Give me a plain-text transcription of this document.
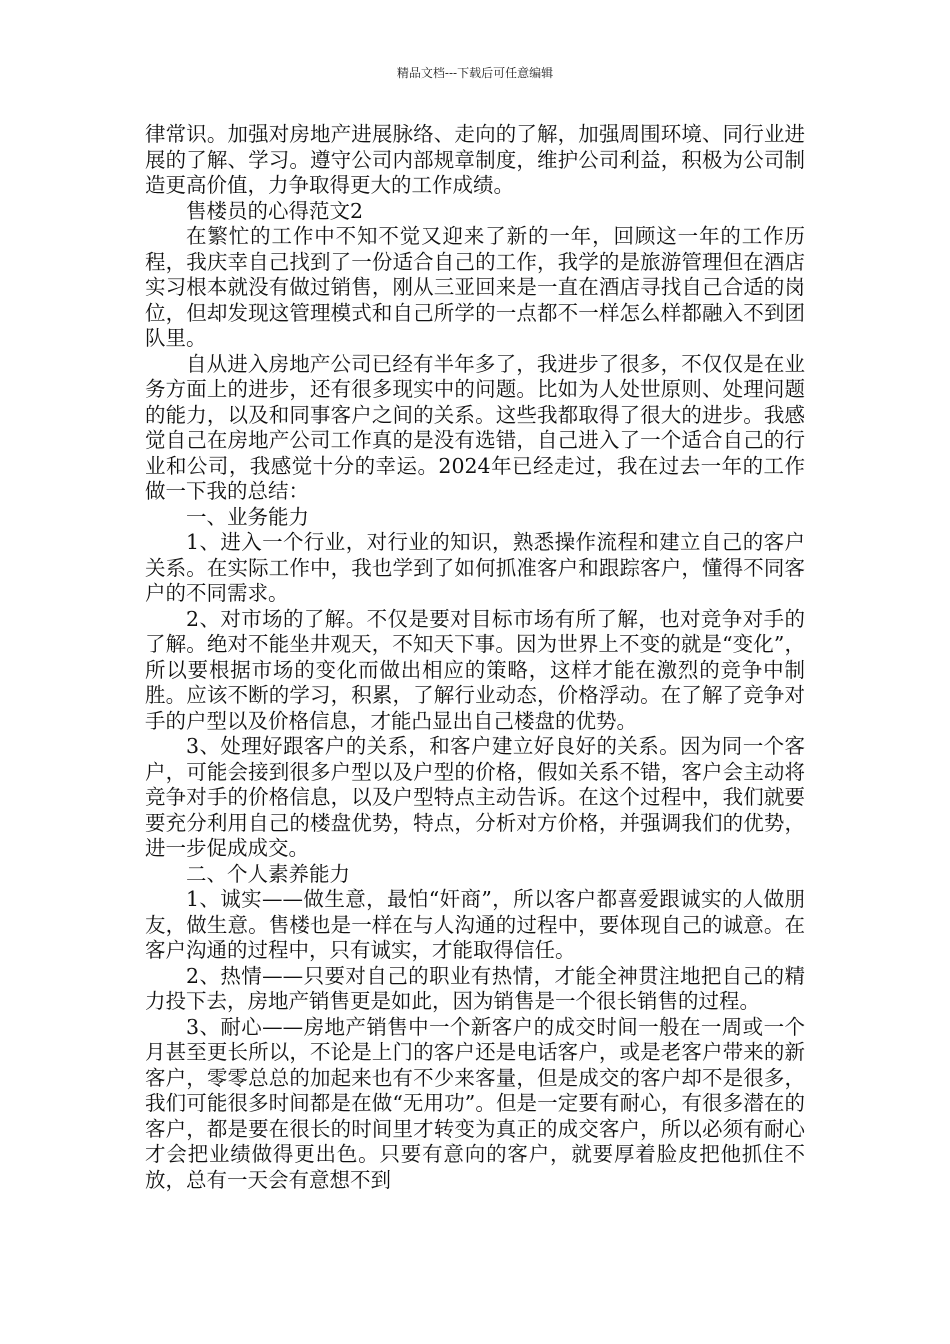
精品文档---下载后可任意编辑

律常识。加强对房地产进展脉络、走向的了解，加强周围环境、同行业进展的了解、学习。遵守公司内部规章制度，维护公司利益，积极为公司制造更高价值，力争取得更大的工作成绩。

售楼员的心得范文2

在繁忙的工作中不知不觉又迎来了新的一年，回顾这一年的工作历程，我庆幸自己找到了一份适合自己的工作，我学的是旅游管理但在酒店实习根本就没有做过销售，刚从三亚回来是一直在酒店寻找自己合适的岗位，但却发现这管理模式和自己所学的一点都不一样怎么样都融入不到团队里。

自从进入房地产公司已经有半年多了，我进步了很多，不仅仅是在业务方面上的进步，还有很多现实中的问题。比如为人处世原则、处理问题的能力，以及和同事客户之间的关系。这些我都取得了很大的进步。我感觉自己在房地产公司工作真的是没有选错，自己进入了一个适合自己的行业和公司，我感觉十分的幸运。2024年已经走过，我在过去一年的工作做一下我的总结：

一、业务能力

1、进入一个行业，对行业的知识，熟悉操作流程和建立自己的客户关系。在实际工作中，我也学到了如何抓准客户和跟踪客户，懂得不同客户的不同需求。

2、对市场的了解。不仅是要对目标市场有所了解，也对竞争对手的了解。绝对不能坐井观天，不知天下事。因为世界上不变的就是“变化”，所以要根据市场的变化而做出相应的策略，这样才能在激烈的竞争中制胜。应该不断的学习，积累，了解行业动态，价格浮动。在了解了竞争对手的户型以及价格信息，才能凸显出自己楼盘的优势。

3、处理好跟客户的关系，和客户建立好良好的关系。因为同一个客户，可能会接到很多户型以及户型的价格，假如关系不错，客户会主动将竞争对手的价格信息，以及户型特点主动告诉。在这个过程中，我们就要要充分利用自己的楼盘优势，特点，分析对方价格，并强调我们的优势，进一步促成成交。

二、个人素养能力

1、诚实——做生意，最怕“奸商”，所以客户都喜爱跟诚实的人做朋友，做生意。售楼也是一样在与人沟通的过程中，要体现自己的诚意。在客户沟通的过程中，只有诚实，才能取得信任。

2、热情——只要对自己的职业有热情，才能全神贯注地把自己的精力投下去，房地产销售更是如此，因为销售是一个很长销售的过程。

3、耐心——房地产销售中一个新客户的成交时间一般在一周或一个月甚至更长所以，不论是上门的客户还是电话客户，或是老客户带来的新客户，零零总总的加起来也有不少来客量，但是成交的客户却不是很多，我们可能很多时间都是在做“无用功”。但是一定要有耐心，有很多潜在的客户，都是要在很长的时间里才转变为真正的成交客户，所以必须有耐心才会把业绩做得更出色。只要有意向的客户，就要厚着脸皮把他抓住不放，总有一天会有意想不到
